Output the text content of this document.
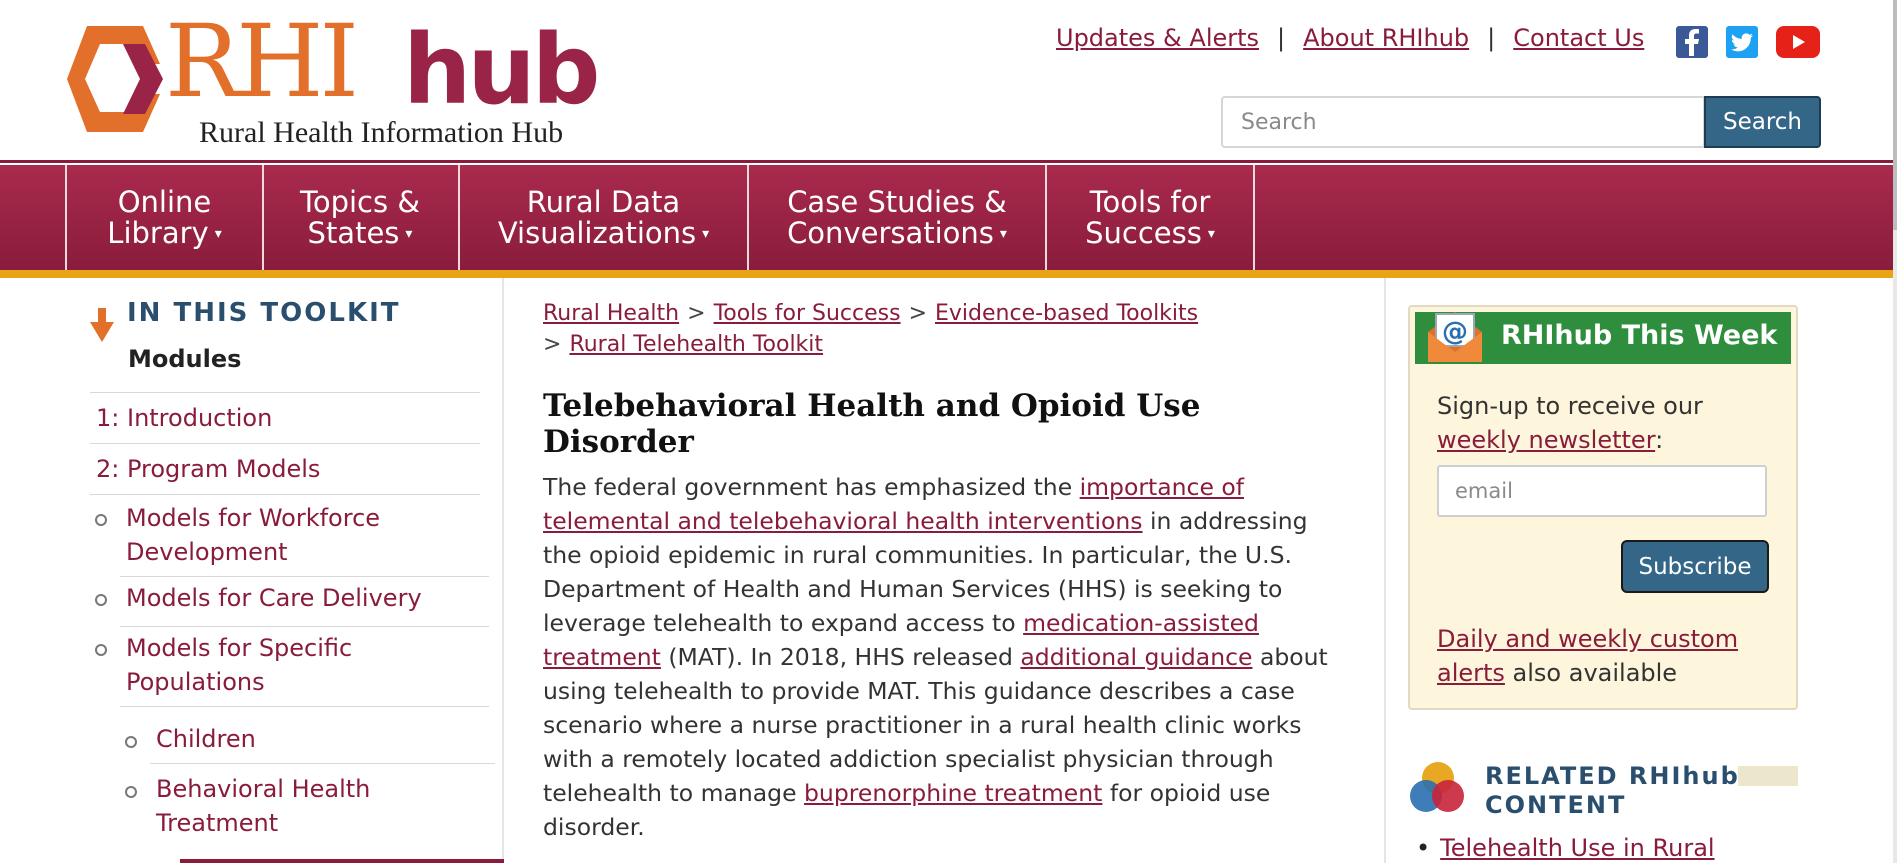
RHI hub
Rural Health Information Hub
Updates & Alerts | About RHIhub | Contact Us
Search
Search
Online
Library ▾
Topics &
States ▾
Rural Data
Visualizations ▾
Case Studies &
Conversations ▾
Tools for
Success ▾
IN THIS TOOLKIT
Modules
1: Introduction
2: Program Models
Models for Workforce
Development
Models for Care Delivery
Models for Specific
Populations
Children
Behavioral Health
Treatment
Rural Health > Tools for Success > Evidence-based Toolkits
> Rural Telehealth Toolkit
Telebehavioral Health and Opioid Use Disorder
The federal government has emphasized the importance of telemental and telebehavioral health interventions in addressing the opioid epidemic in rural communities. In particular, the U.S. Department of Health and Human Services (HHS) is seeking to leverage telehealth to expand access to medication-assisted treatment (MAT). In 2018, HHS released additional guidance about using telehealth to provide MAT. This guidance describes a case scenario where a nurse practitioner in a rural health clinic works with a remotely located addiction specialist physician through telehealth to manage buprenorphine treatment for opioid use disorder.
RHIhub This Week
@
Sign-up to receive our weekly newsletter:
email
Subscribe
Daily and weekly custom alerts also available
RELATED RHIhub
CONTENT
• Telehealth Use in Rural
